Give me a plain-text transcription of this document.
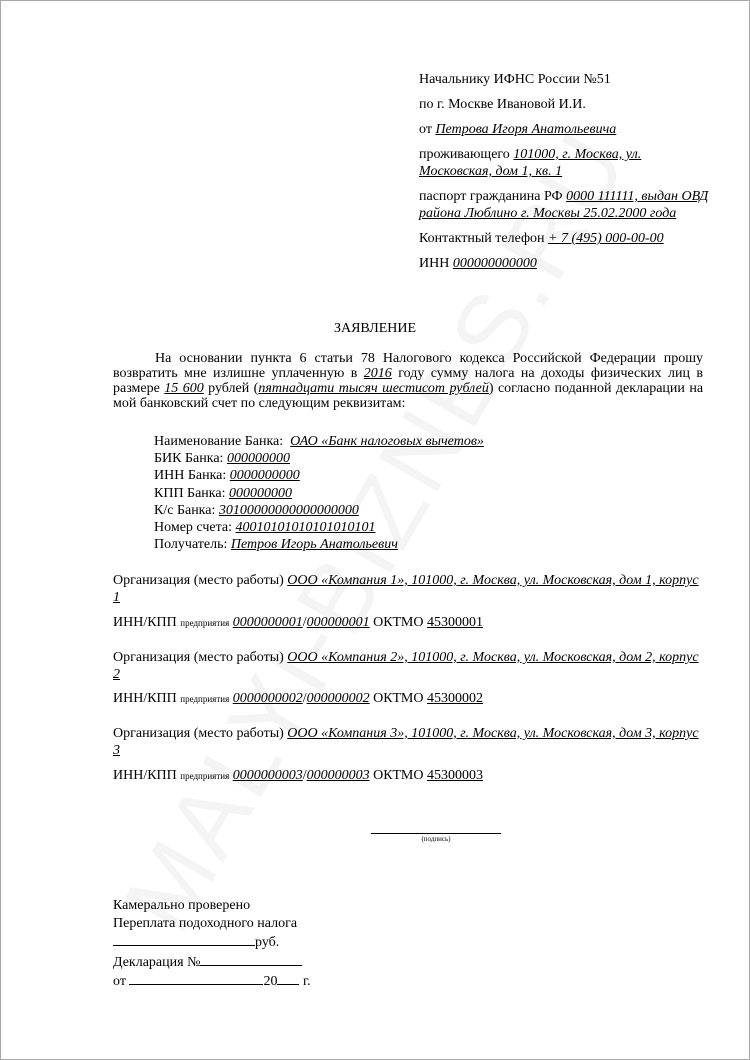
Начальнику ИФНС России №51
по г. Москве Ивановой И.И.
от Петрова Игоря Анатольевича
проживающего 101000, г. Москва, ул. Московская, дом 1, кв. 1
паспорт гражданина РФ 0000 111111, выдан ОВД района Люблино г. Москвы 25.02.2000 года
Контактный телефон + 7 (495) 000-00-00
ИНН 000000000000
ЗАЯВЛЕНИЕ

На основании пункта 6 статьи 78 Налогового кодекса Российской Федерации прошу возвратить мне излишне уплаченную в 2016 году сумму налога на доходы физических лиц в размере 15 600 рублей (пятнадцати тысяч шестисот рублей) согласно поданной декларации на мой банковский счет по следующим реквизитам:

Наименование Банка: ОАО «Банк налоговых вычетов»
БИК Банка: 000000000
ИНН Банка: 0000000000
КПП Банка: 000000000
К/с Банка: 30100000000000000000
Номер счета: 40010101010101010101
Получатель: Петров Игорь Анатольевич
Организация (место работы) ООО «Компания 1», 101000, г. Москва, ул. Московская, дом 1, корпус 1
ИНН/КПП предприятия 0000000001/000000001 ОКТМО 45300001
Организация (место работы) ООО «Компания 2», 101000, г. Москва, ул. Московская, дом 2, корпус 2
ИНН/КПП предприятия 0000000002/000000002 ОКТМО 45300002
Организация (место работы) ООО «Компания 3», 101000, г. Москва, ул. Московская, дом 3, корпус 3
ИНН/КПП предприятия 0000000003/000000003 ОКТМО 45300003
(подпись)
Камерально проверено
Переплата подоходного налога
руб.
Декларация №
от	20 г.
